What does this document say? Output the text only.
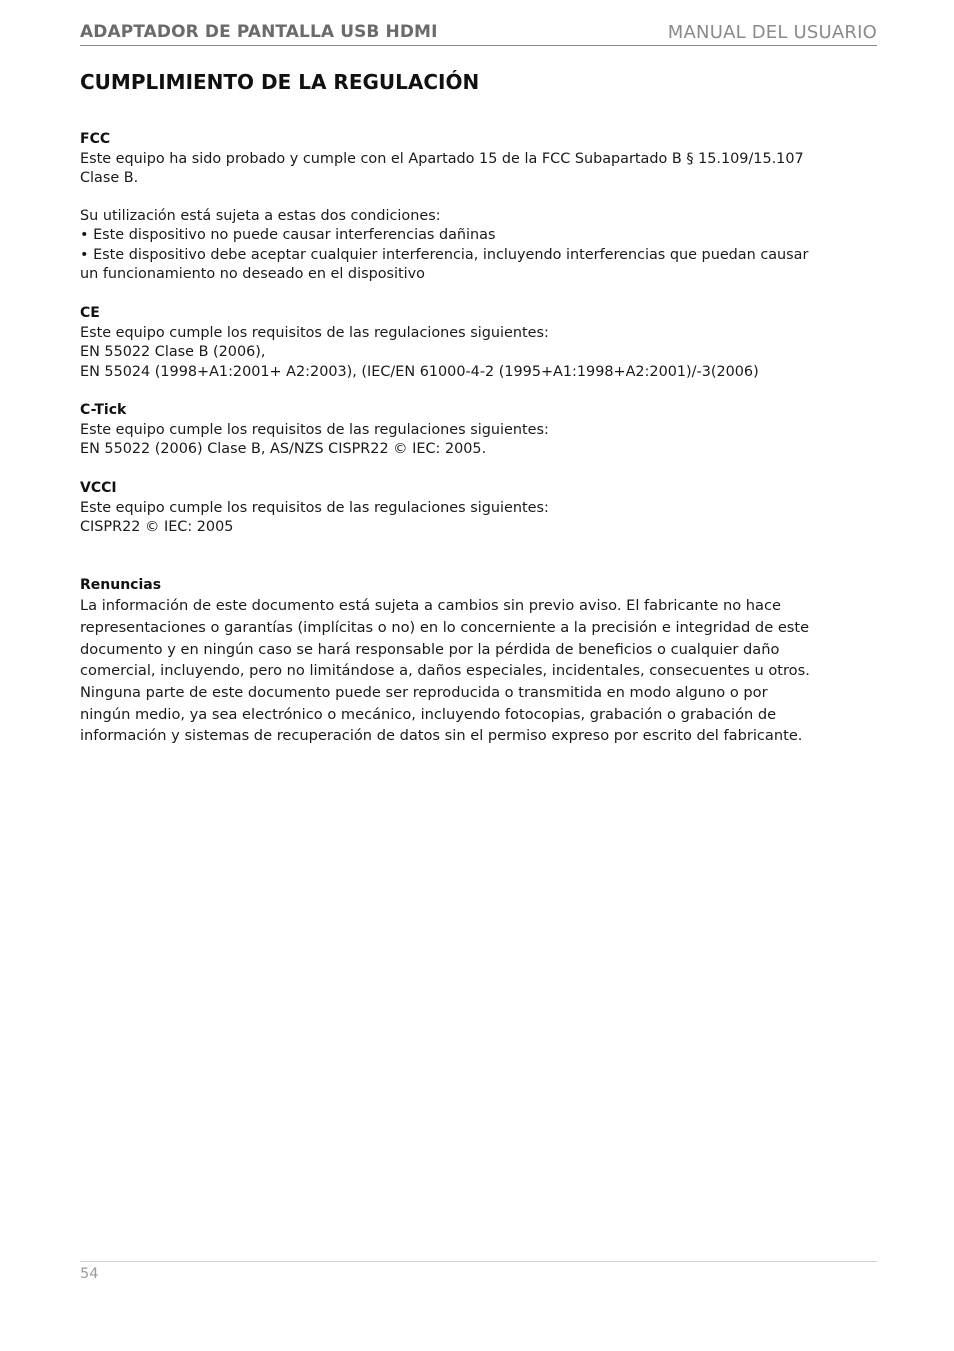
ADAPTADOR DE PANTALLA USB HDMI	MANUAL DEL USUARIO
CUMPLIMIENTO DE LA REGULACIÓN

FCC

Este equipo ha sido probado y cumple con el Apartado 15 de la FCC Subapartado B § 15.109/15.107

Clase B.

Su utilización está sujeta a estas dos condiciones:

• Este dispositivo no puede causar interferencias dañinas

• Este dispositivo debe aceptar cualquier interferencia, incluyendo interferencias que puedan causar

un funcionamiento no deseado en el dispositivo

CE

Este equipo cumple los requisitos de las regulaciones siguientes:

EN 55022 Clase B (2006),

EN 55024 (1998+A1:2001+ A2:2003), (IEC/EN 61000-4-2 (1995+A1:1998+A2:2001)/-3(2006)

C-Tick

Este equipo cumple los requisitos de las regulaciones siguientes:

EN 55022 (2006) Clase B, AS/NZS CISPR22 © IEC: 2005.

VCCI

Este equipo cumple los requisitos de las regulaciones siguientes:

CISPR22 © IEC: 2005

Renuncias

La información de este documento está sujeta a cambios sin previo aviso. El fabricante no hace

representaciones o garantías (implícitas o no) en lo concerniente a la precisión e integridad de este

documento y en ningún caso se hará responsable por la pérdida de beneficios o cualquier daño

comercial, incluyendo, pero no limitándose a, daños especiales, incidentales, consecuentes u otros.

Ninguna parte de este documento puede ser reproducida o transmitida en modo alguno o por

ningún medio, ya sea electrónico o mecánico, incluyendo fotocopias, grabación o grabación de

información y sistemas de recuperación de datos sin el permiso expreso por escrito del fabricante.

54
